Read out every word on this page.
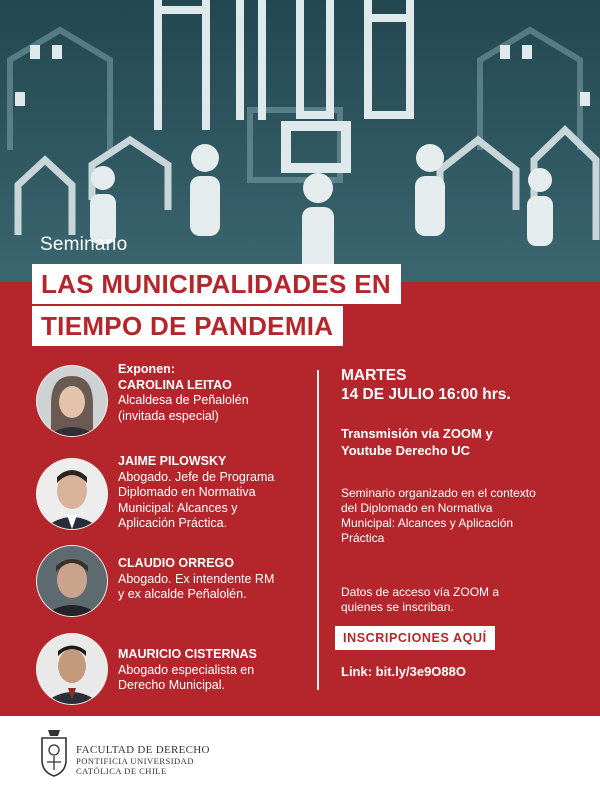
Seminario
LAS MUNICIPALIDADES EN
TIEMPO DE PANDEMIA
Exponen:
CAROLINA LEITAO
Alcaldesa de Peñalolén (invitada especial)
JAIME PILOWSKY
Abogado. Jefe de Programa Diplomado en Normativa Municipal: Alcances y Aplicación Práctica.
CLAUDIO ORREGO
Abogado. Ex intendente RM y ex alcalde Peñalolén.
MAURICIO CISTERNAS
Abogado especialista en Derecho Municipal.
MARTES
14 DE JULIO 16:00 hrs.
Transmisión vía ZOOM y Youtube Derecho UC
Seminario organizado en el contexto del Diplomado en Normativa Municipal: Alcances y Aplicación Práctica
Datos de acceso vía ZOOM a quienes se inscriban.
INSCRIPCIONES AQUÍ
Link: bit.ly/3e9O88O
FACULTAD DE DERECHO
PONTIFICIA UNIVERSIDAD
CATÓLICA DE CHILE
